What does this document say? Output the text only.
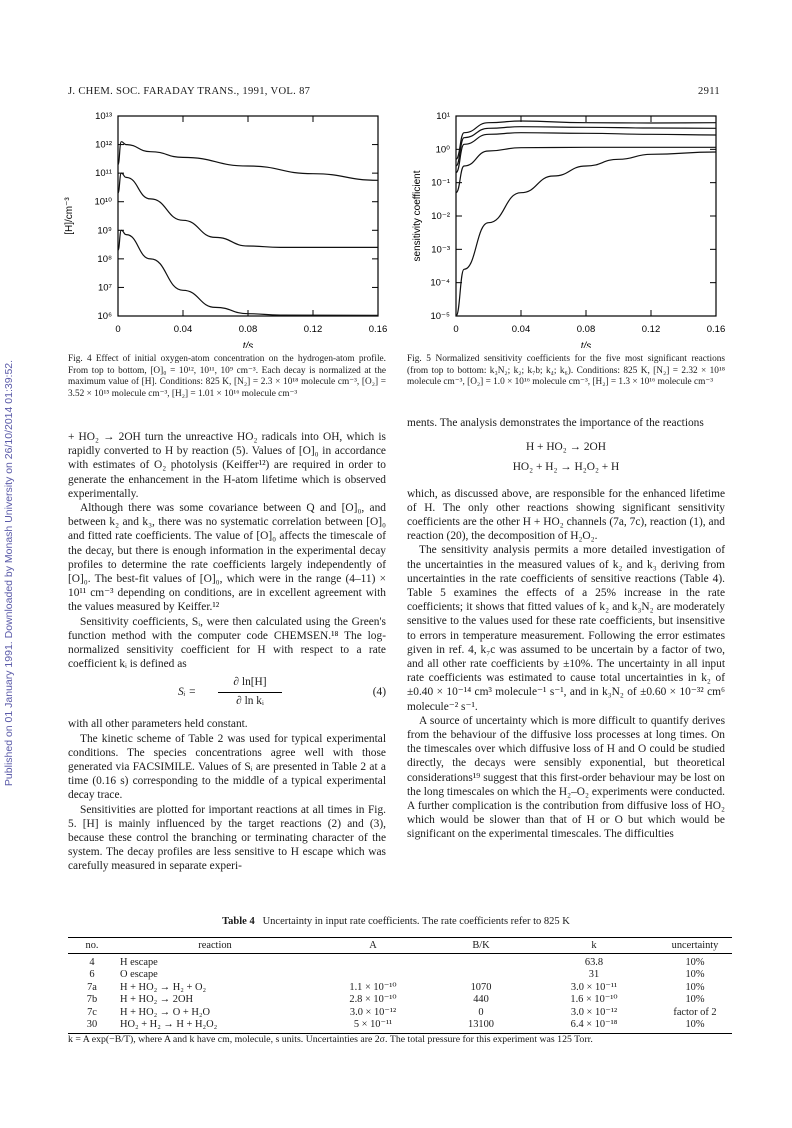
Published on 01 January 1991. Downloaded by Monash University on 26/10/2014 01:39:52.
J. CHEM. SOC. FARADAY TRANS., 1991, VOL. 87	2911
0	0.04	0.08	0.12	0.16
10⁶
10⁷
10⁸
10⁹
10¹⁰
10¹¹
10¹²
10¹³
t/s
[H]/cm⁻³
Fig. 4 Effect of initial oxygen-atom concentration on the hydrogen-atom profile. From top to bottom, [O]₀ = 10¹², 10¹¹, 10⁹ cm⁻³. Each decay is normalized at the maximum value of [H]. Conditions: 825 K, [N₂] = 2.3 × 10¹⁸ molecule cm⁻³, [O₂] = 3.52 × 10¹⁵ molecule cm⁻³, [H₂] = 1.01 × 10¹⁶ molecule cm⁻³
0	0.04	0.08	0.12	0.16
10⁻⁵
10⁻⁴
10⁻³
10⁻²
10⁻¹
10⁰
10¹
t/s
sensitivity coefficient
Fig. 5 Normalized sensitivity coefficients for the five most significant reactions (from top to bottom: k₃N₂; k₂; k₇b; k₄; k₆). Conditions: 825 K, [N₂] = 2.32 × 10¹⁸ molecule cm⁻³, [O₂] = 1.0 × 10¹⁶ molecule cm⁻³, [H₂] = 1.3 × 10¹⁶ molecule cm⁻³

+ HO₂ → 2OH turn the unreactive HO₂ radicals into OH, which is rapidly converted to H by reaction (5). Values of [O]₀ in accordance with estimates of O₂ photolysis (Keiffer¹²) are required in order to generate the enhancement in the H-atom lifetime which is observed experimentally.

Although there was some covariance between Q and [O]₀, and between k₂ and k₃, there was no systematic correlation between [O]₀ and fitted rate coefficients. The value of [O]₀ affects the timescale of the decay, but there is enough information in the experimental decay profiles to determine the rate coefficients largely independently of [O]₀. The best-fit values of [O]₀, which were in the range (4–11) × 10¹¹ cm⁻³ depending on conditions, are in excellent agreement with the values measured by Keiffer.¹²

Sensitivity coefficients, Sᵢ, were then calculated using the Green's function method with the computer code CHEMSEN.¹⁸ The log-normalized sensitivity coefficient for H with respect to a rate coefficient kᵢ is defined as

Sᵢ =
∂ ln[H]
∂ ln kᵢ
(4)

with all other parameters held constant.

The kinetic scheme of Table 2 was used for typical experimental conditions. The species concentrations agree well with those generated via FACSIMILE. Values of Sᵢ are presented in Table 2 at a time (0.16 s) corresponding to the middle of a typical experimental decay trace.

Sensitivities are plotted for important reactions at all times in Fig. 5. [H] is mainly influenced by the target reactions (2) and (3), because these control the branching or terminating character of the system. The decay profiles are less sensitive to H escape which was carefully measured in separate experi-

ments. The analysis demonstrates the importance of the reactions

H + HO₂ → 2OH
HO₂ + H₂ → H₂O₂ + H

which, as discussed above, are responsible for the enhanced lifetime of H. The only other reactions showing significant sensitivity coefficients are the other H + HO₂ channels (7a, 7c), reaction (1), and reaction (20), the decomposition of H₂O₂.

The sensitivity analysis permits a more detailed investigation of the uncertainties in the measured values of k₂ and k₃ deriving from uncertainties in the rate coefficients of sensitive reactions (Table 4). Table 5 examines the effects of a 25% increase in the rate coefficients; it shows that fitted values of k₂ and k₃N₂ are moderately sensitive to the values used for these rate coefficients, but insensitive to errors in temperature measurement. Following the error estimates given in ref. 4, k₇c was assumed to be uncertain by a factor of two, and all other rate coefficients by ±10%. The uncertainty in all input rate coefficients was estimated to cause total uncertainties in k₂ of ±0.40 × 10⁻¹⁴ cm³ molecule⁻¹ s⁻¹, and in k₃N₂ of ±0.60 × 10⁻³² cm⁶ molecule⁻² s⁻¹.

A source of uncertainty which is more difficult to quantify derives from the behaviour of the diffusive loss processes at long times. On the timescales over which diffusive loss of H and O could be studied directly, the decays were sensibly exponential, but theoretical considerations¹⁹ suggest that this first-order behaviour may be lost on the long timescales on which the H₂–O₂ experiments were conducted. A further complication is the contribution from diffusive loss of HO₂ which would be slower than that of H or O but which would be significant on the experimental timescales. The difficulties

Table 4 Uncertainty in input rate coefficients. The rate coefficients refer to 825 K
no.	reaction	A	B/K	k	uncertainty
4	H escape			63.8	10%
6	O escape			31	10%
7a	H + HO₂ → H₂ + O₂	1.1 × 10⁻¹⁰	1070	3.0 × 10⁻¹¹	10%
7b	H + HO₂ → 2OH	2.8 × 10⁻¹⁰	440	1.6 × 10⁻¹⁰	10%
7c	H + HO₂ → O + H₂O	3.0 × 10⁻¹²	0	3.0 × 10⁻¹²	factor of 2
30	HO₂ + H₂ → H + H₂O₂	5 × 10⁻¹¹	13100	6.4 × 10⁻¹⁸	10%
k = A exp(−B/T), where A and k have cm, molecule, s units. Uncertainties are 2σ. The total pressure for this experiment was 125 Torr.
